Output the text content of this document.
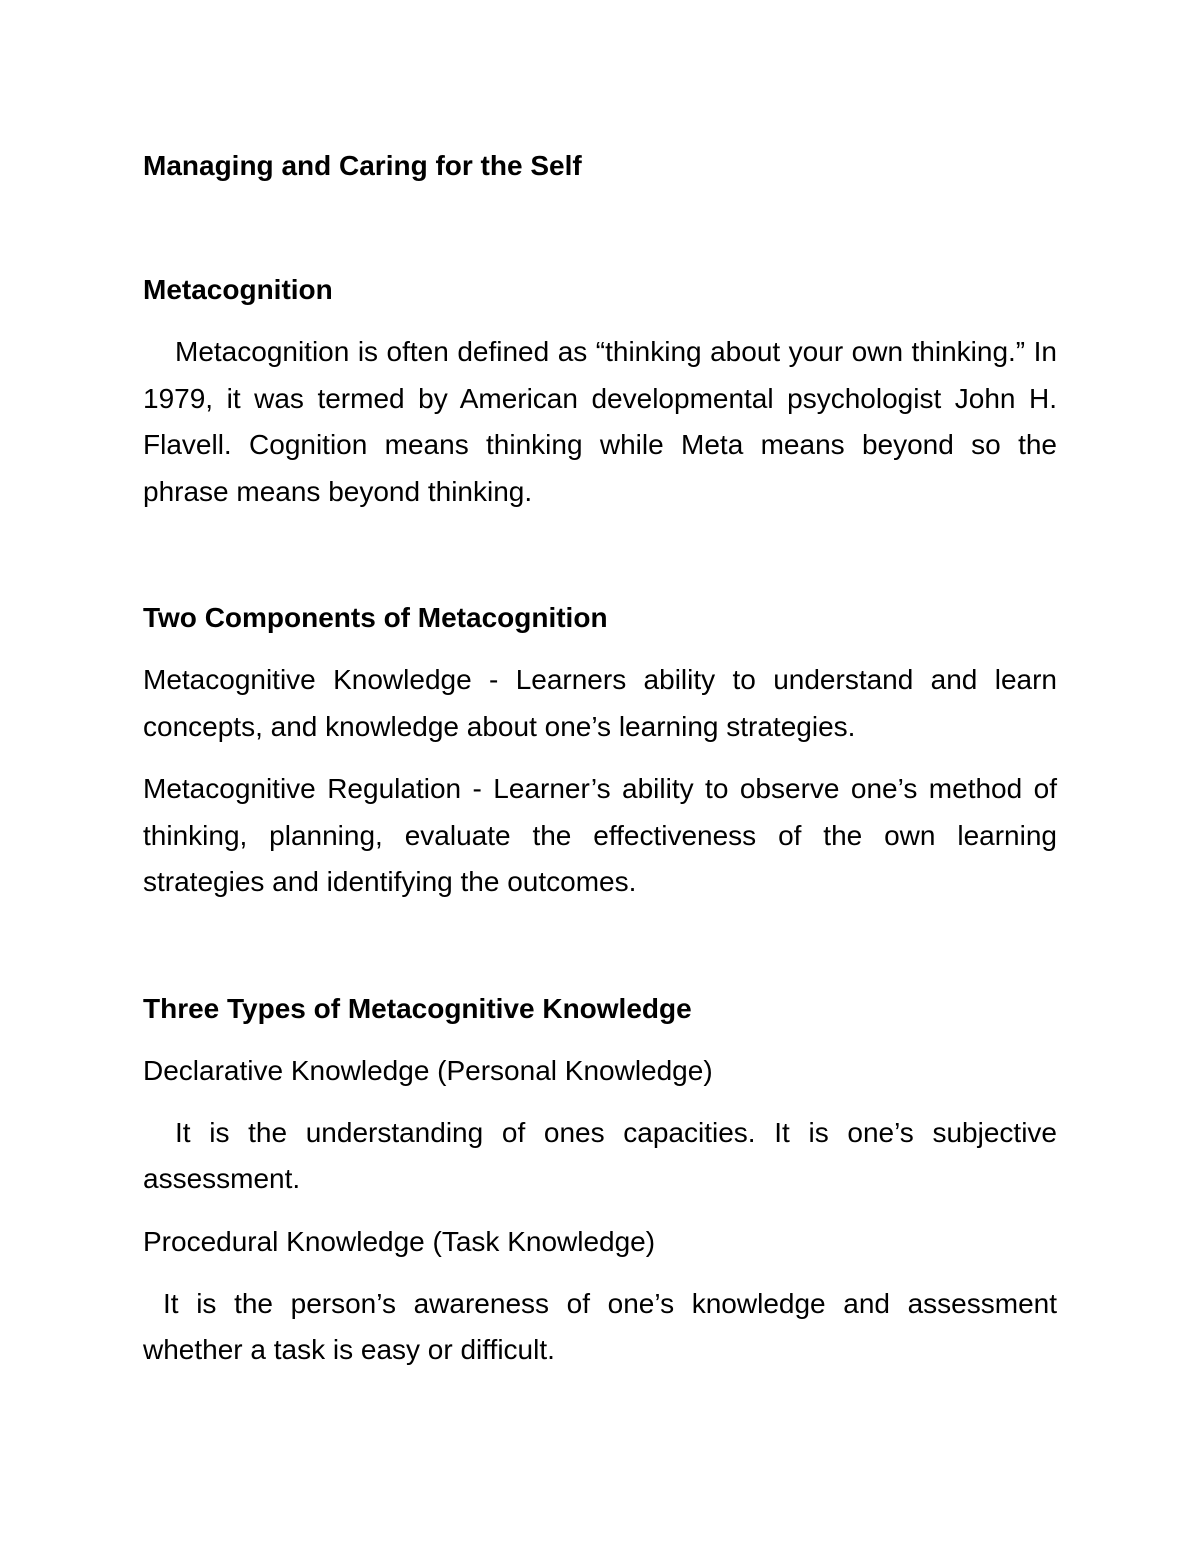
Managing and Caring for the Self

Metacognition

Metacognition is often defined as “thinking about your own thinking.” In 1979, it was termed by American developmental psychologist John H. Flavell. Cognition means thinking while Meta means beyond so the phrase means beyond thinking.

Two Components of Metacognition

Metacognitive Knowledge - Learners ability to understand and learn concepts, and knowledge about one’s learning strategies.

Metacognitive Regulation - Learner’s ability to observe one’s method of thinking, planning, evaluate the effectiveness of the own learning strategies and identifying the outcomes.

Three Types of Metacognitive Knowledge

Declarative Knowledge (Personal Knowledge)

It is the understanding of ones capacities. It is one’s subjective assessment.

Procedural Knowledge (Task Knowledge)

It is the person’s awareness of one’s knowledge and assessment whether a task is easy or difficult.
